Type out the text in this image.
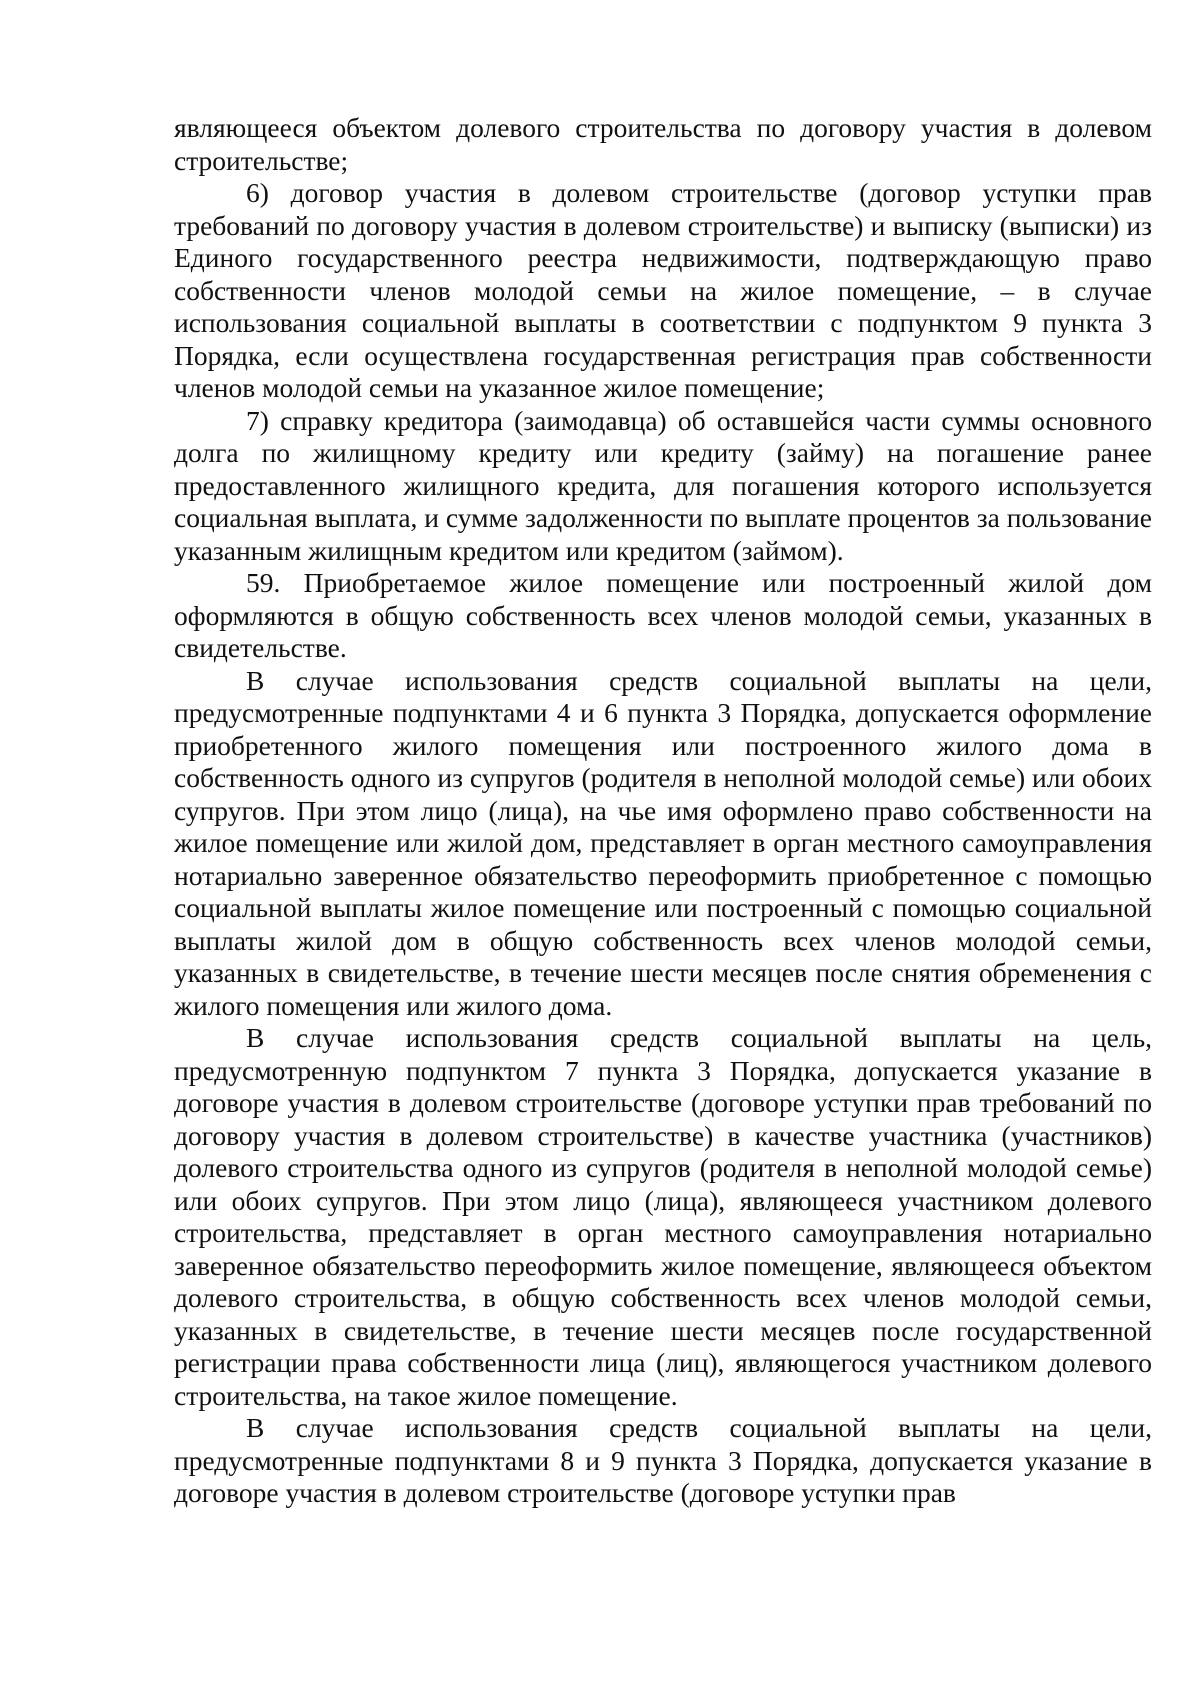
являющееся объектом долевого строительства по договору участия в долевом строительстве;

6) договор участия в долевом строительстве (договор уступки прав требований по договору участия в долевом строительстве) и выписку (выписки) из Единого государственного реестра недвижимости, подтверждающую право собственности членов молодой семьи на жилое помещение, – в случае использования социальной выплаты в соответствии с подпунктом 9 пункта 3 Порядка, если осуществлена государственная регистрация прав собственности членов молодой семьи на указанное жилое помещение;

7) справку кредитора (заимодавца) об оставшейся части суммы основного долга по жилищному кредиту или кредиту (займу) на погашение ранее предоставленного жилищного кредита, для погашения которого используется социальная выплата, и сумме задолженности по выплате процентов за пользование указанным жилищным кредитом или кредитом (займом).

59. Приобретаемое жилое помещение или построенный жилой дом оформляются в общую собственность всех членов молодой семьи, указанных в свидетельстве.

В случае использования средств социальной выплаты на цели, предусмотренные подпунктами 4 и 6 пункта 3 Порядка, допускается оформление приобретенного жилого помещения или построенного жилого дома в собственность одного из супругов (родителя в неполной молодой семье) или обоих супругов. При этом лицо (лица), на чье имя оформлено право собственности на жилое помещение или жилой дом, представляет в орган местного самоуправления нотариально заверенное обязательство переоформить приобретенное с помощью социальной выплаты жилое помещение или построенный с помощью социальной выплаты жилой дом в общую собственность всех членов молодой семьи, указанных в свидетельстве, в течение шести месяцев после снятия обременения с жилого помещения или жилого дома.

В случае использования средств социальной выплаты на цель, предусмотренную подпунктом 7 пункта 3 Порядка, допускается указание в договоре участия в долевом строительстве (договоре уступки прав требований по договору участия в долевом строительстве) в качестве участника (участников) долевого строительства одного из супругов (родителя в неполной молодой семье) или обоих супругов. При этом лицо (лица), являющееся участником долевого строительства, представляет в орган местного самоуправления нотариально заверенное обязательство переоформить жилое помещение, являющееся объектом долевого строительства, в общую собственность всех членов молодой семьи, указанных в свидетельстве, в течение шести месяцев после государственной регистрации права собственности лица (лиц), являющегося участником долевого строительства, на такое жилое помещение.

В случае использования средств социальной выплаты на цели, предусмотренные подпунктами 8 и 9 пункта 3 Порядка, допускается указание в договоре участия в долевом строительстве (договоре уступки прав
